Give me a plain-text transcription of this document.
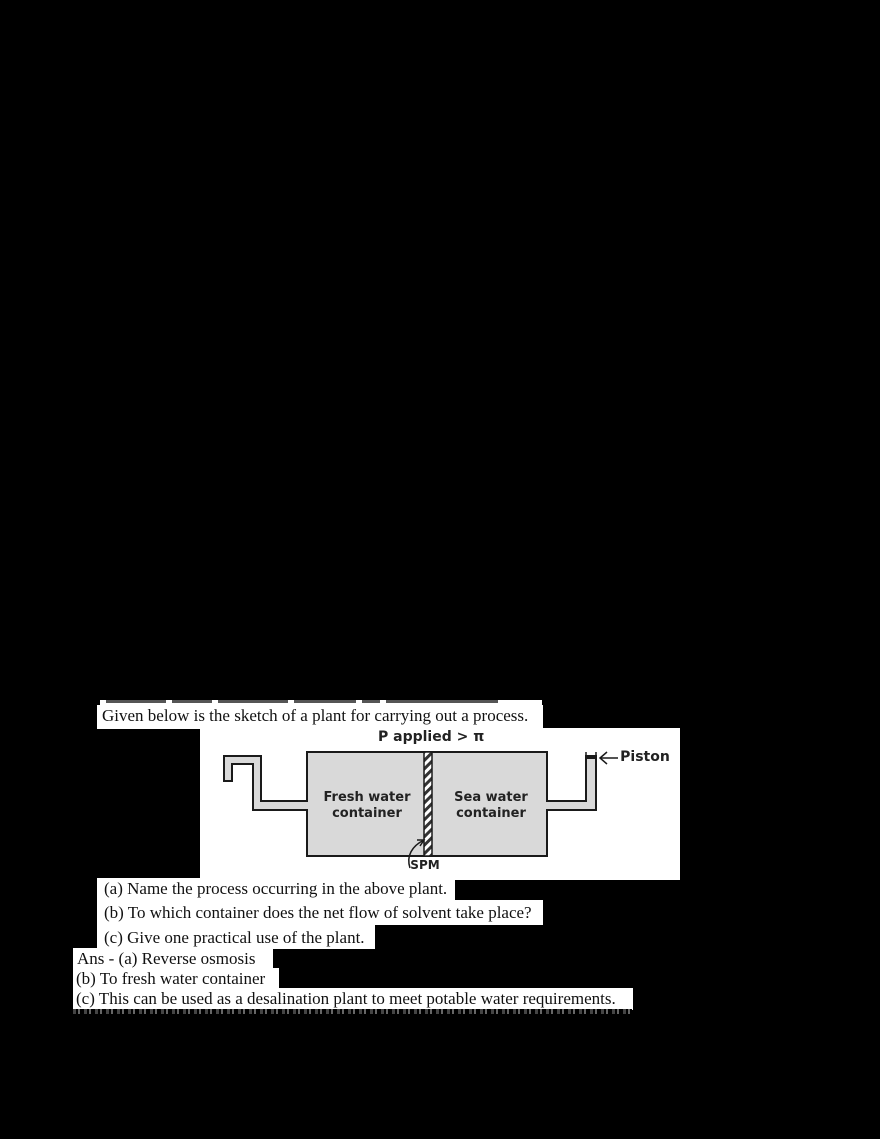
Given below is the sketch of a plant for carrying out a process.
P applied > π
Fresh water
container
Sea water
container
SPM
Piston
(a) Name the process occurring in the above plant.
(b) To which container does the net flow of solvent take place?
(c) Give one practical use of the plant.
Ans - (a) Reverse osmosis
(b) To fresh water container
(c) This can be used as a desalination plant to meet potable water requirements.
